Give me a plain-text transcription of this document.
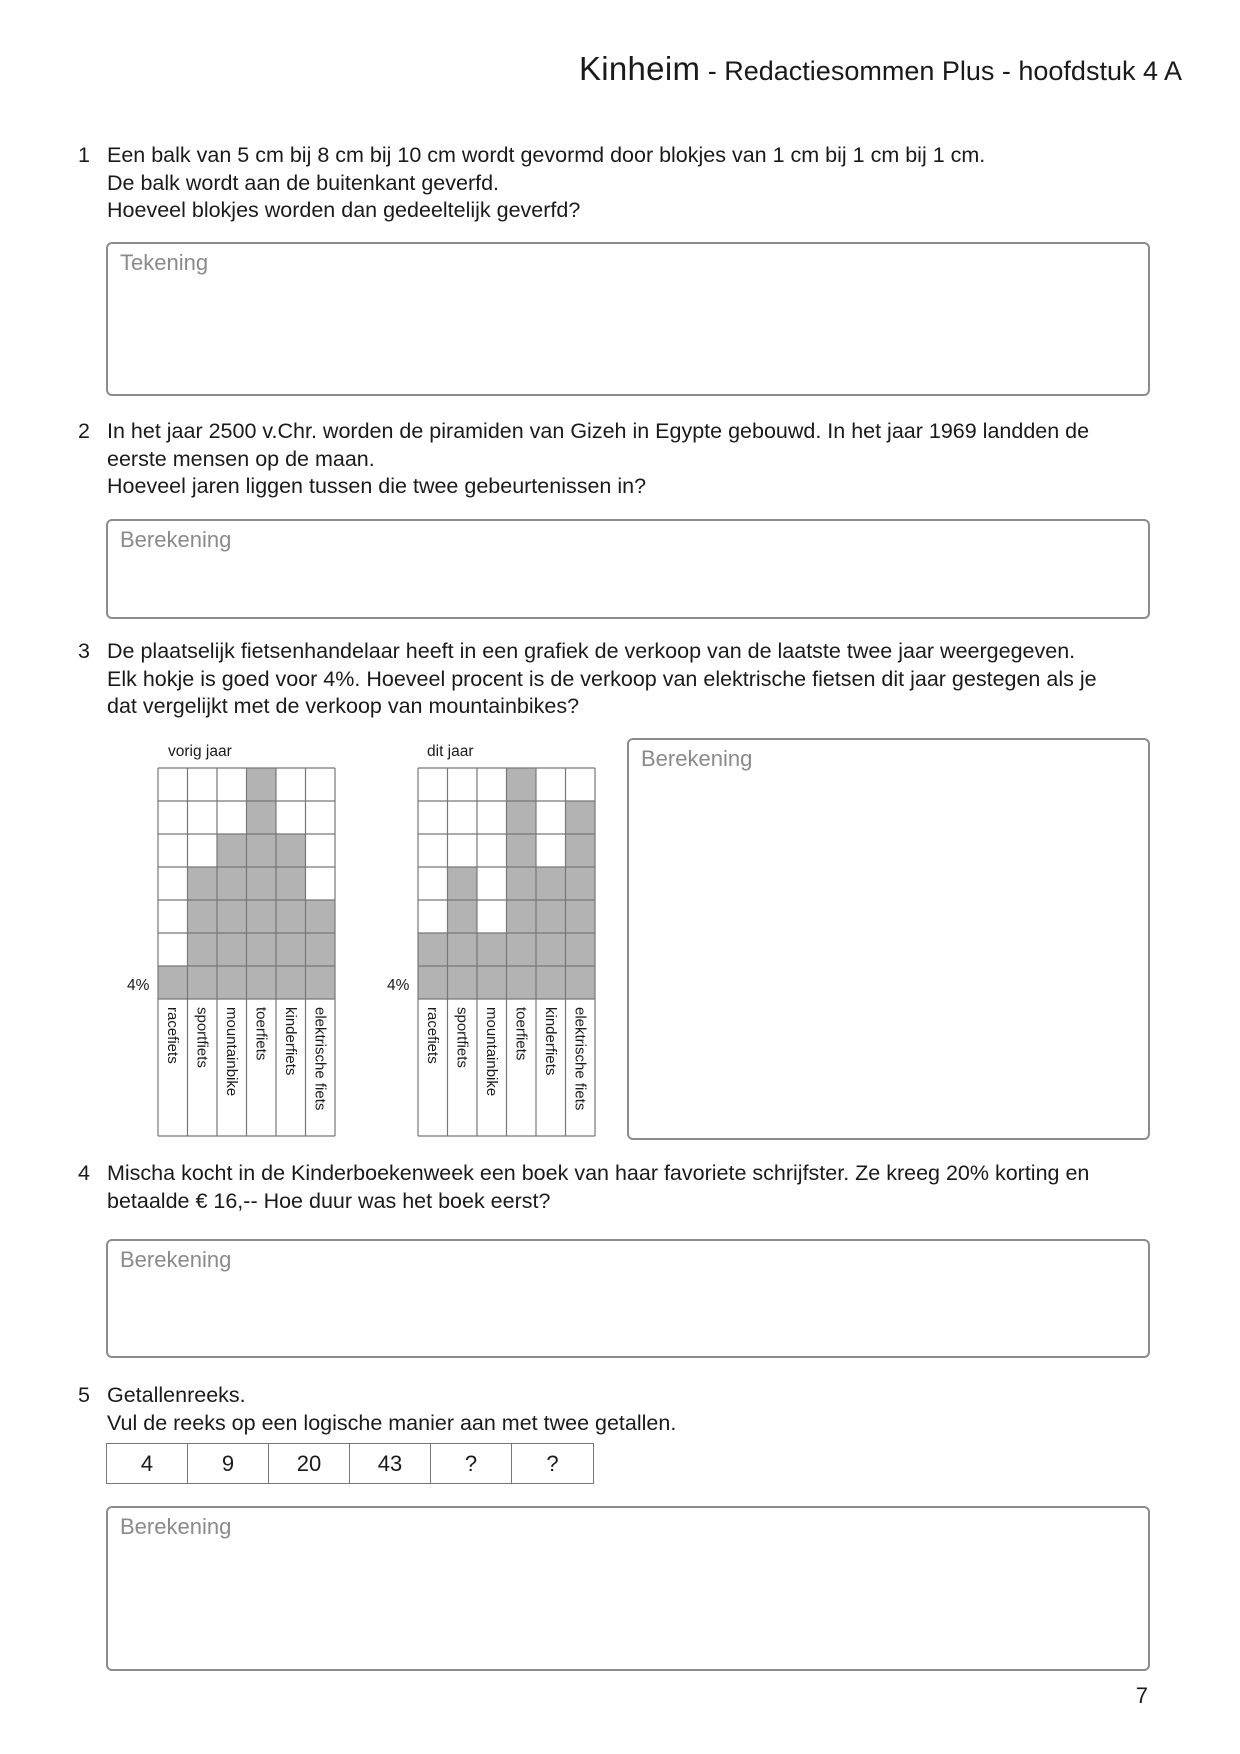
Kinheim - Redactiesommen Plus - hoofdstuk 4 A
1 Een balk van 5 cm bij 8 cm bij 10 cm wordt gevormd door blokjes van 1 cm bij 1 cm bij 1 cm.
De balk wordt aan de buitenkant geverfd.
Hoeveel blokjes worden dan gedeeltelijk geverfd?
Tekening
2 In het jaar 2500 v.Chr. worden de piramiden van Gizeh in Egypte gebouwd. In het jaar 1969 landden de
eerste mensen op de maan.
Hoeveel jaren liggen tussen die twee gebeurtenissen in?
Berekening
3 De plaatselijk fietsenhandelaar heeft in een grafiek de verkoop van de laatste twee jaar weergegeven.
Elk hokje is goed voor 4%. Hoeveel procent is de verkoop van elektrische fietsen dit jaar gestegen als je
dat vergelijkt met de verkoop van mountainbikes?
vorig jaar
4%
racefiets sportfiets mountainbike toerfiets kinderfiets elektrische fiets
dit jaar
4%
racefiets sportfiets mountainbike toerfiets kinderfiets elektrische fiets
Berekening
4 Mischa kocht in de Kinderboekenweek een boek van haar favoriete schrijfster. Ze kreeg 20% korting en
betaalde € 16,-- Hoe duur was het boek eerst?
Berekening
5 Getallenreeks.
Vul de reeks op een logische manier aan met twee getallen.
4	9	20	43	?	?
Berekening
7
